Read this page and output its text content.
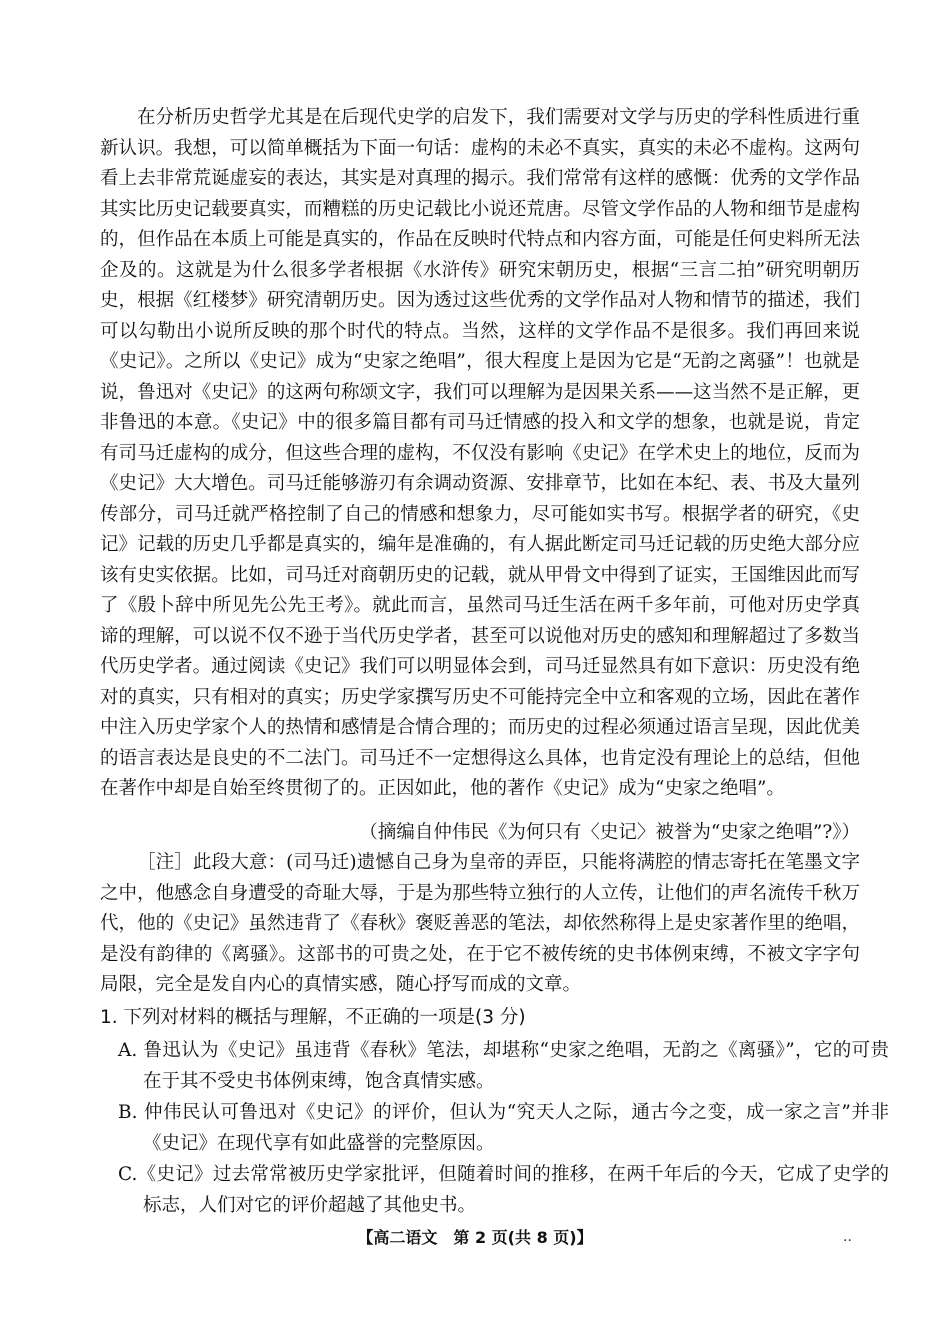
在分析历史哲学尤其是在后现代史学的启发下，我们需要对文学与历史的学科性质进行重新认识。我想，可以简单概括为下面一句话：虚构的未必不真实，真实的未必不虚构。这两句看上去非常荒诞虚妄的表达，其实是对真理的揭示。我们常常有这样的感慨：优秀的文学作品其实比历史记载要真实，而糟糕的历史记载比小说还荒唐。尽管文学作品的人物和细节是虚构的，但作品在本质上可能是真实的，作品在反映时代特点和内容方面，可能是任何史料所无法企及的。这就是为什么很多学者根据《水浒传》研究宋朝历史，根据“三言二拍”研究明朝历史，根据《红楼梦》研究清朝历史。因为透过这些优秀的文学作品对人物和情节的描述，我们可以勾勒出小说所反映的那个时代的特点。当然，这样的文学作品不是很多。我们再回来说《史记》。之所以《史记》成为“史家之绝唱”，很大程度上是因为它是“无韵之离骚”！也就是说，鲁迅对《史记》的这两句称颂文字，我们可以理解为是因果关系——这当然不是正解，更非鲁迅的本意。《史记》中的很多篇目都有司马迁情感的投入和文学的想象，也就是说，肯定有司马迁虚构的成分，但这些合理的虚构，不仅没有影响《史记》在学术史上的地位，反而为《史记》大大增色。司马迁能够游刃有余调动资源、安排章节，比如在本纪、表、书及大量列传部分，司马迁就严格控制了自己的情感和想象力，尽可能如实书写。根据学者的研究，《史记》记载的历史几乎都是真实的，编年是准确的，有人据此断定司马迁记载的历史绝大部分应该有史实依据。比如，司马迁对商朝历史的记载，就从甲骨文中得到了证实，王国维因此而写了《殷卜辞中所见先公先王考》。就此而言，虽然司马迁生活在两千多年前，可他对历史学真谛的理解，可以说不仅不逊于当代历史学者，甚至可以说他对历史的感知和理解超过了多数当代历史学者。通过阅读《史记》我们可以明显体会到，司马迁显然具有如下意识：历史没有绝对的真实，只有相对的真实；历史学家撰写历史不可能持完全中立和客观的立场，因此在著作中注入历史学家个人的热情和感情是合情合理的；而历史的过程必须通过语言呈现，因此优美的语言表达是良史的不二法门。司马迁不一定想得这么具体，也肯定没有理论上的总结，但他在著作中却是自始至终贯彻了的。正因如此，他的著作《史记》成为“史家之绝唱”。

（摘编自仲伟民《为何只有〈史记〉被誉为“史家之绝唱”?》）

［注］此段大意：(司马迁)遗憾自己身为皇帝的弄臣，只能将满腔的情志寄托在笔墨文字之中，他感念自身遭受的奇耻大辱，于是为那些特立独行的人立传，让他们的声名流传千秋万代，他的《史记》虽然违背了《春秋》褒贬善恶的笔法，却依然称得上是史家著作里的绝唱，是没有韵律的《离骚》。这部书的可贵之处，在于它不被传统的史书体例束缚，不被文字字句局限，完全是发自内心的真情实感，随心抒写而成的文章。

1. 下列对材料的概括与理解，不正确的一项是(3 分)

A. 鲁迅认为《史记》虽违背《春秋》笔法，却堪称“史家之绝唱，无韵之《离骚》”，它的可贵在于其不受史书体例束缚，饱含真情实感。

B. 仲伟民认可鲁迅对《史记》的评价，但认为“究天人之际，通古今之变，成一家之言”并非《史记》在现代享有如此盛誉的完整原因。

C.《史记》过去常常被历史学家批评，但随着时间的推移，在两千年后的今天，它成了史学的标志，人们对它的评价超越了其他史书。

【高二语文　第 2 页(共 8 页)】	..
